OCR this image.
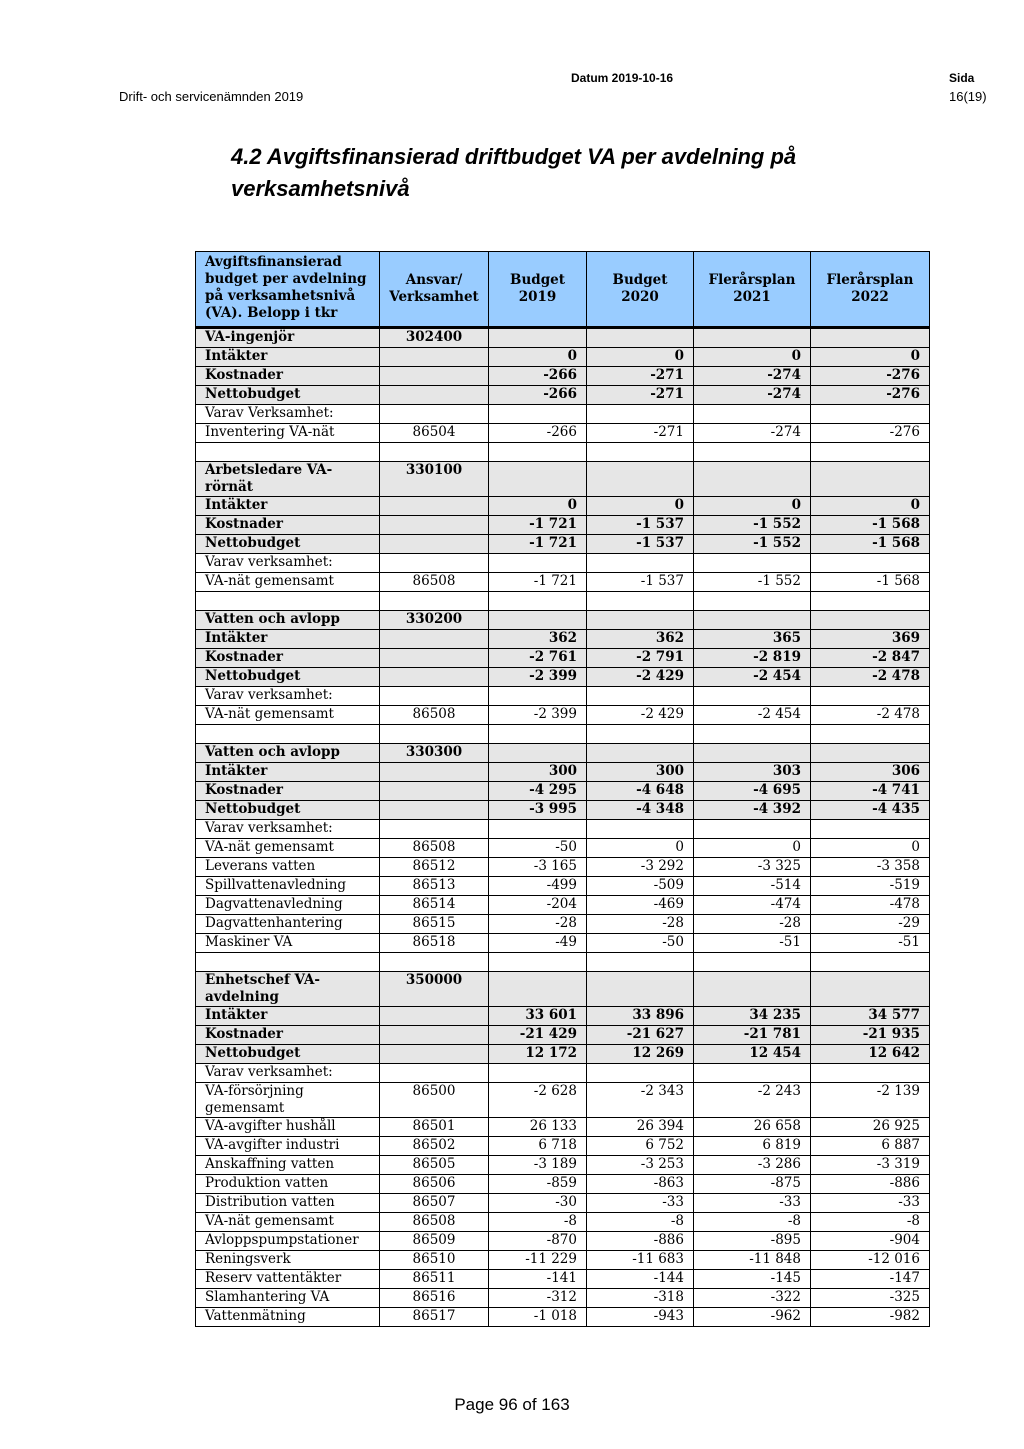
Drift- och servicenämnden 2019
Datum 2019-10-16	Sida
16(19)
4.2 Avgiftsfinansierad driftbudget VA per avdelning på
verksamhetsnivå
Avgiftsfinansierad budget per avdelning på verksamhetsnivå (VA). Belopp i tkr	Ansvar/ Verksamhet	Budget 2019	Budget 2020	Flerårsplan 2021	Flerårsplan 2022
VA-ingenjör	302400				
Intäkter		0	0	0	0
Kostnader		-266	-271	-274	-276
Nettobudget		-266	-271	-274	-276
Varav Verksamhet:					
Inventering VA-nät	86504	-266	-271	-274	-276

Arbetsledare VA-rörnät	330100				
Intäkter		0	0	0	0
Kostnader		-1 721	-1 537	-1 552	-1 568
Nettobudget		-1 721	-1 537	-1 552	-1 568
Varav verksamhet:					
VA-nät gemensamt	86508	-1 721	-1 537	-1 552	-1 568

Vatten och avlopp	330200				
Intäkter		362	362	365	369
Kostnader		-2 761	-2 791	-2 819	-2 847
Nettobudget		-2 399	-2 429	-2 454	-2 478
Varav verksamhet:					
VA-nät gemensamt	86508	-2 399	-2 429	-2 454	-2 478

Vatten och avlopp	330300				
Intäkter		300	300	303	306
Kostnader		-4 295	-4 648	-4 695	-4 741
Nettobudget		-3 995	-4 348	-4 392	-4 435
Varav verksamhet:					
VA-nät gemensamt	86508	-50	0	0	0
Leverans vatten	86512	-3 165	-3 292	-3 325	-3 358
Spillvattenavledning	86513	-499	-509	-514	-519
Dagvattenavledning	86514	-204	-469	-474	-478
Dagvattenhantering	86515	-28	-28	-28	-29
Maskiner VA	86518	-49	-50	-51	-51

Enhetschef VA-avdelning	350000				
Intäkter		33 601	33 896	34 235	34 577
Kostnader		-21 429	-21 627	-21 781	-21 935
Nettobudget		12 172	12 269	12 454	12 642
Varav verksamhet:					
VA-försörjning gemensamt	86500	-2 628	-2 343	-2 243	-2 139
VA-avgifter hushåll	86501	26 133	26 394	26 658	26 925
VA-avgifter industri	86502	6 718	6 752	6 819	6 887
Anskaffning vatten	86505	-3 189	-3 253	-3 286	-3 319
Produktion vatten	86506	-859	-863	-875	-886
Distribution vatten	86507	-30	-33	-33	-33
VA-nät gemensamt	86508	-8	-8	-8	-8
Avloppspumpstationer	86509	-870	-886	-895	-904
Reningsverk	86510	-11 229	-11 683	-11 848	-12 016
Reserv vattentäkter	86511	-141	-144	-145	-147
Slamhantering VA	86516	-312	-318	-322	-325
Vattenmätning	86517	-1 018	-943	-962	-982
Page 96 of 163
